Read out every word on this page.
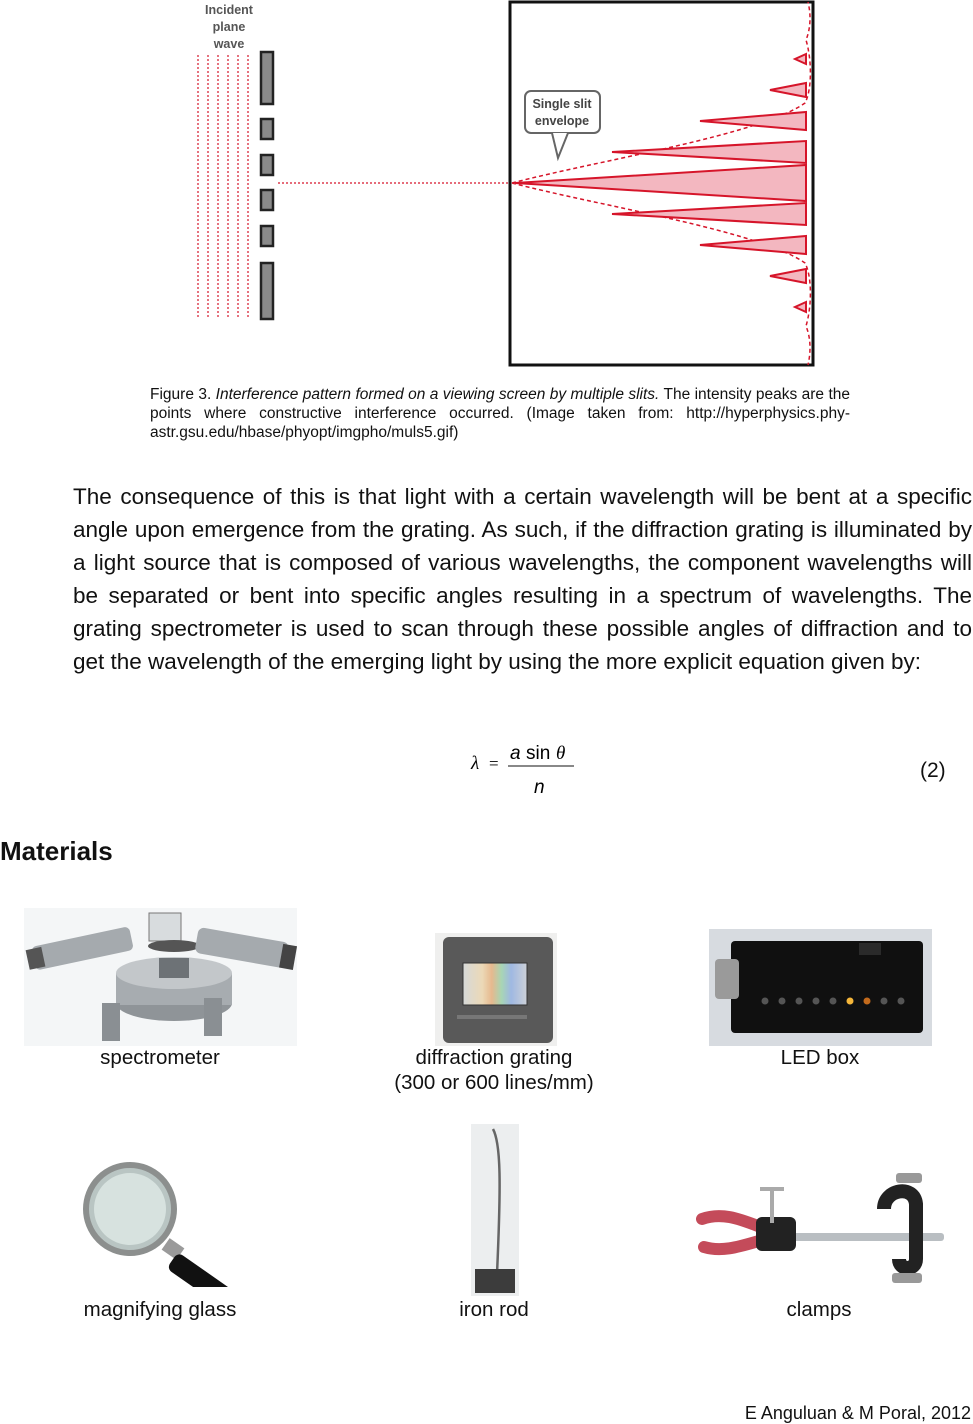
Incident
plane
wave
Single slit
envelope
Figure 3. Interference pattern formed on a viewing screen by multiple slits. The intensity peaks are the points where constructive interference occurred. (Image taken from: http://hyperphysics.phy-astr.gsu.edu/hbase/phyopt/imgpho/muls5.gif)

The consequence of this is that light with a certain wavelength will be bent at a specific angle upon emergence from the grating. As such, if the diffraction grating is illuminated by a light source that is composed of various wavelengths, the component wavelengths will be separated or bent into specific angles resulting in a spectrum of wavelengths. The grating spectrometer is used to scan through these possible angles of diffraction and to get the wavelength of the emerging light by using the more explicit equation given by:

λ = a sin θ
n
(2)
Materials
spectrometer	diffraction grating
(300 or 600 lines/mm)
LED box
magnifying glass	iron rod	clamps
E Anguluan & M Poral, 2012
